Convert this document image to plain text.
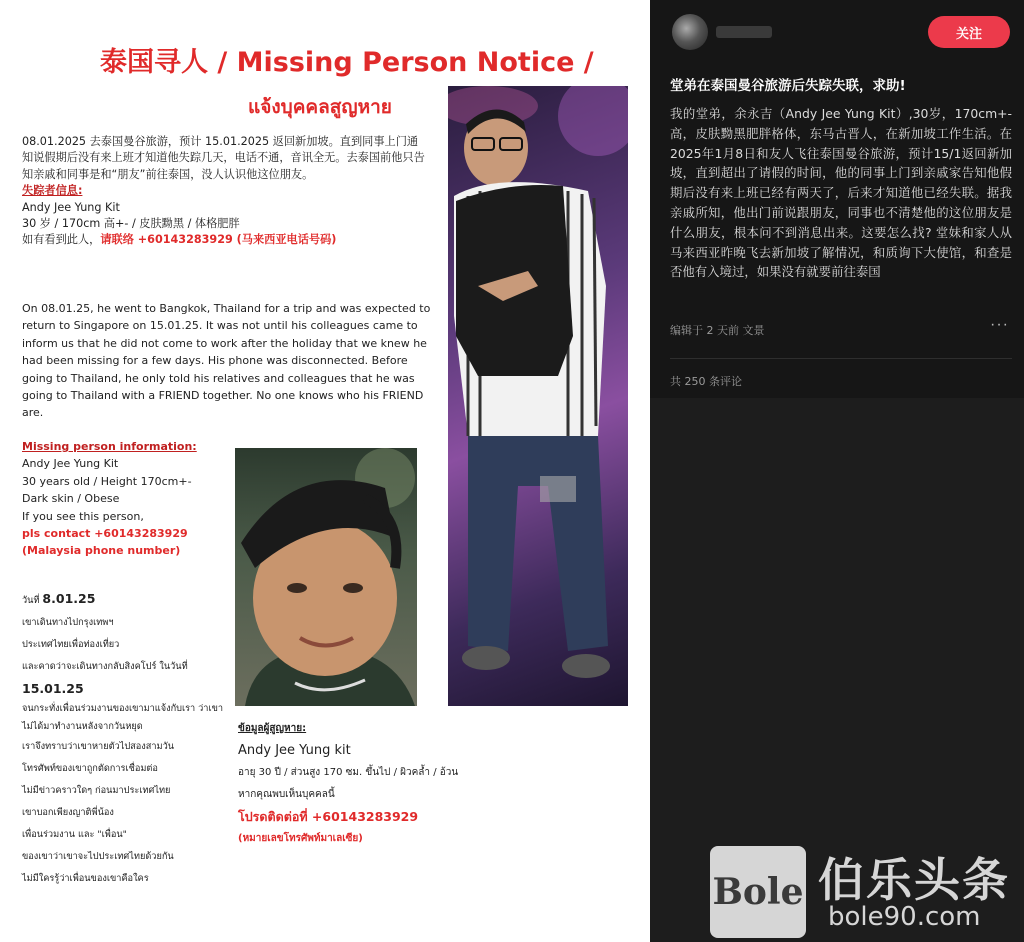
泰国寻人 / Missing Person Notice /
แจ้งบุคคลสูญหาย
08.01.2025 去泰国曼谷旅游，预计 15.01.2025 返回新加坡。直到同事上门通知说假期后没有来上班才知道他失踪几天，电话不通，音讯全无。去泰国前他只告知亲戚和同事是和“朋友”前往泰国，没人认识他这位朋友。
失踪者信息:
Andy Jee Yung Kit
30 岁 / 170cm 高+- / 皮肤黝黑 / 体格肥胖
如有看到此人，请联络 +60143283929 (马来西亚电话号码)
On 08.01.25, he went to Bangkok, Thailand for a trip and was expected to return to Singapore on 15.01.25. It was not until his colleagues came to inform us that he did not come to work after the holiday that we knew he had been missing for a few days. His phone was disconnected. Before going to Thailand, he only told his relatives and colleagues that he was going to Thailand with a FRIEND together. No one knows who his FRIEND are.
Missing person information:
Andy Jee Yung Kit
30 years old / Height 170cm+-
Dark skin / Obese
If you see this person,
pls contact +60143283929
(Malaysia phone number)
วันที่ 8.01.25
เขาเดินทางไปกรุงเทพฯ
ประเทศไทยเพื่อท่องเที่ยว
และคาดว่าจะเดินทางกลับสิงคโปร์ ในวันที่
15.01.25
จนกระทั่งเพื่อนร่วมงานของเขามาแจ้งกับเรา ว่าเขาไม่ได้มาทำงานหลังจากวันหยุด
เราจึงทราบว่าเขาหายตัวไปสองสามวัน
โทรศัพท์ของเขาถูกตัดการเชื่อมต่อ
ไม่มีข่าวคราวใดๆ ก่อนมาประเทศไทย
เขาบอกเพียงญาติพี่น้อง
เพื่อนร่วมงาน และ "เพื่อน"
ของเขาว่าเขาจะไปประเทศไทยด้วยกัน
ไม่มีใครรู้ว่าเพื่อนของเขาคือใคร
ข้อมูลผู้สูญหาย:
Andy Jee Yung kit
อายุ 30 ปี / ส่วนสูง 170 ซม. ขึ้นไป / ผิวคล้ำ / อ้วน
หากคุณพบเห็นบุคคลนี้
โปรดติดต่อที่ +60143283929
(หมายเลขโทรศัพท์มาเลเซีย)
关注
堂弟在泰国曼谷旅游后失踪失联，求助!
我的堂弟，余永吉（Andy Jee Yung Kit）,30岁，170cm+- 高，皮肤黝黑肥胖格体，东马古晋人，在新加坡工作生活。在2025年1月8日和友人飞往泰国曼谷旅游，预计15/1返回新加坡，直到超出了请假的时间，他的同事上门到亲戚家告知他假期后没有来上班已经有两天了，后来才知道他已经失联。据我亲戚所知，他出门前说跟朋友，同事也不清楚他的这位朋友是什么朋友，根本问不到消息出来。这要怎么找? 堂妹和家人从马来西亚昨晚飞去新加坡了解情况，和质询下大使馆，和查是否他有入境过，如果没有就要前往泰国
编辑于 2 天前 文景	···
共 250 条评论
Bole 伯乐头条
bole90.com
